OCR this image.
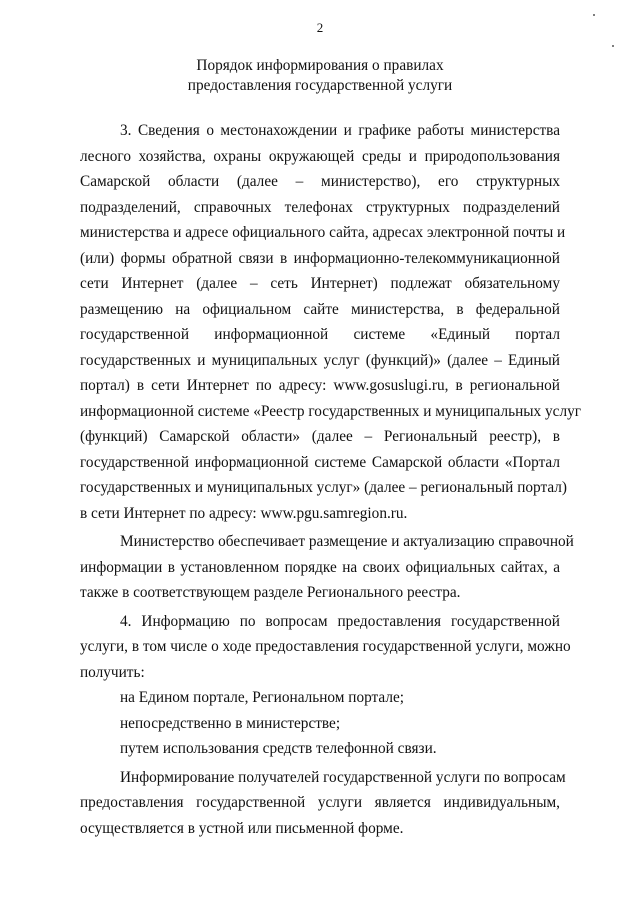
2
Порядок информирования о правилах
предоставления государственной услуги
3. Сведения о местонахождении и графике работы министерства
лесного хозяйства, охраны окружающей среды и природопользования
Самарской области (далее – министерство), его структурных
подразделений, справочных телефонах структурных подразделений
министерства и адресе официального сайта, адресах электронной почты и
(или) формы обратной связи в информационно-телекоммуникационной
сети Интернет (далее – сеть Интернет) подлежат обязательному
размещению на официальном сайте министерства, в федеральной
государственной информационной системе «Единый портал
государственных и муниципальных услуг (функций)» (далее – Единый
портал) в сети Интернет по адресу: www.gosuslugi.ru, в региональной
информационной системе «Реестр государственных и муниципальных услуг
(функций) Самарской области» (далее – Региональный реестр), в
государственной информационной системе Самарской области «Портал
государственных и муниципальных услуг» (далее – региональный портал)
в сети Интернет по адресу: www.pgu.samregion.ru.
Министерство обеспечивает размещение и актуализацию справочной
информации в установленном порядке на своих официальных сайтах, а
также в соответствующем разделе Регионального реестра.
4. Информацию по вопросам предоставления государственной
услуги, в том числе о ходе предоставления государственной услуги, можно
получить:
на Едином портале, Региональном портале;
непосредственно в министерстве;
путем использования средств телефонной связи.
Информирование получателей государственной услуги по вопросам
предоставления государственной услуги является индивидуальным,
осуществляется в устной или письменной форме.
